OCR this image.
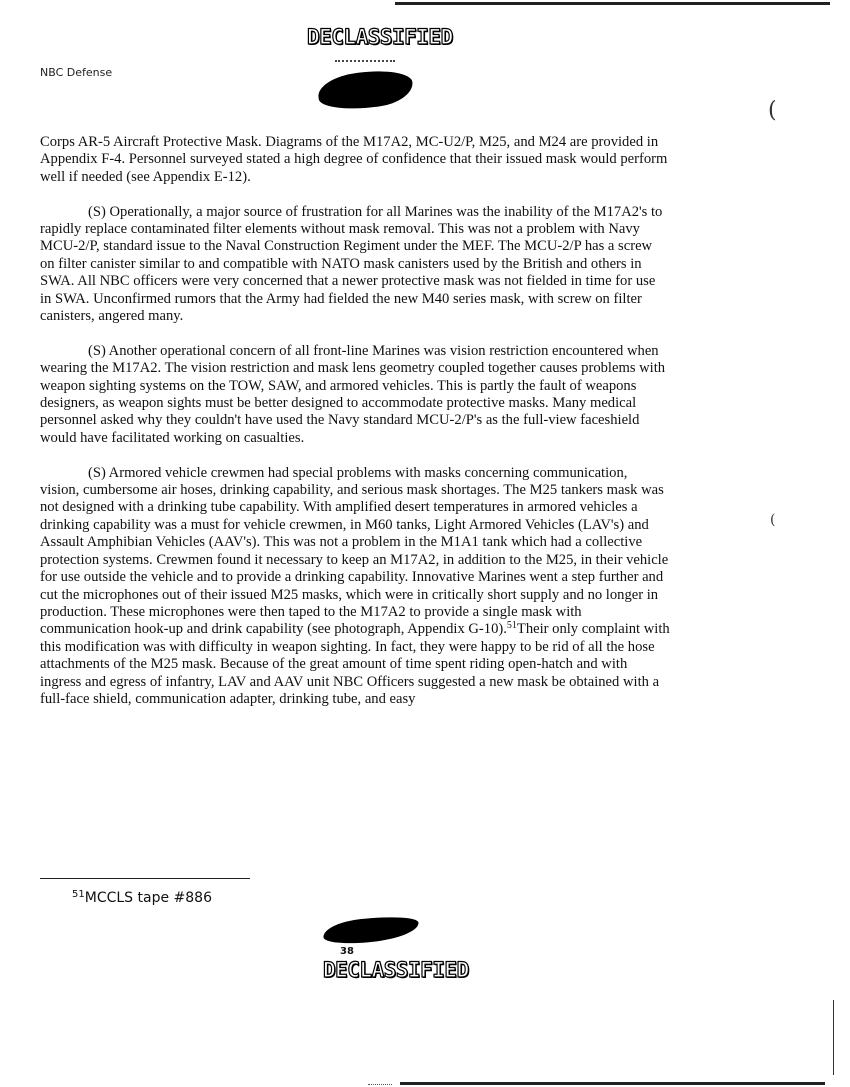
DECLASSIFIED
NBC Defense
(
(

Corps AR-5 Aircraft Protective Mask. Diagrams of the M17A2, MC-U2/P, M25, and M24 are provided in Appendix F-4. Personnel surveyed stated a high degree of confidence that their issued mask would perform well if needed (see Appendix E-12).

(S) Operationally, a major source of frustration for all Marines was the inability of the M17A2's to rapidly replace contaminated filter elements without mask removal. This was not a problem with Navy MCU-2/P, standard issue to the Naval Construction Regiment under the MEF. The MCU-2/P has a screw on filter canister similar to and compatible with NATO mask canisters used by the British and others in SWA. All NBC officers were very concerned that a newer protective mask was not fielded in time for use in SWA. Unconfirmed rumors that the Army had fielded the new M40 series mask, with screw on filter canisters, angered many.

(S) Another operational concern of all front-line Marines was vision restriction encountered when wearing the M17A2. The vision restriction and mask lens geometry coupled together causes problems with weapon sighting systems on the TOW, SAW, and armored vehicles. This is partly the fault of weapons designers, as weapon sights must be better designed to accommodate protective masks. Many medical personnel asked why they couldn't have used the Navy standard MCU-2/P's as the full-view faceshield would have facilitated working on casualties.

(S) Armored vehicle crewmen had special problems with masks concerning communication, vision, cumbersome air hoses, drinking capability, and serious mask shortages. The M25 tankers mask was not designed with a drinking tube capability. With amplified desert temperatures in armored vehicles a drinking capability was a must for vehicle crewmen, in M60 tanks, Light Armored Vehicles (LAV's) and Assault Amphibian Vehicles (AAV's). This was not a problem in the M1A1 tank which had a collective protection systems. Crewmen found it necessary to keep an M17A2, in addition to the M25, in their vehicle for use outside the vehicle and to provide a drinking capability. Innovative Marines went a step further and cut the microphones out of their issued M25 masks, which were in critically short supply and no longer in production. These microphones were then taped to the M17A2 to provide a single mask with communication hook-up and drink capability (see photograph, Appendix G-10).$^{51}$Their only complaint with this modification was with difficulty in weapon sighting. In fact, they were happy to be rid of all the hose attachments of the M25 mask. Because of the great amount of time spent riding open-hatch and with ingress and egress of infantry, LAV and AAV unit NBC Officers suggested a new mask be obtained with a full-face shield, communication adapter, drinking tube, and easy

$^{51}$MCCLS tape #886
38
DECLASSIFIED
